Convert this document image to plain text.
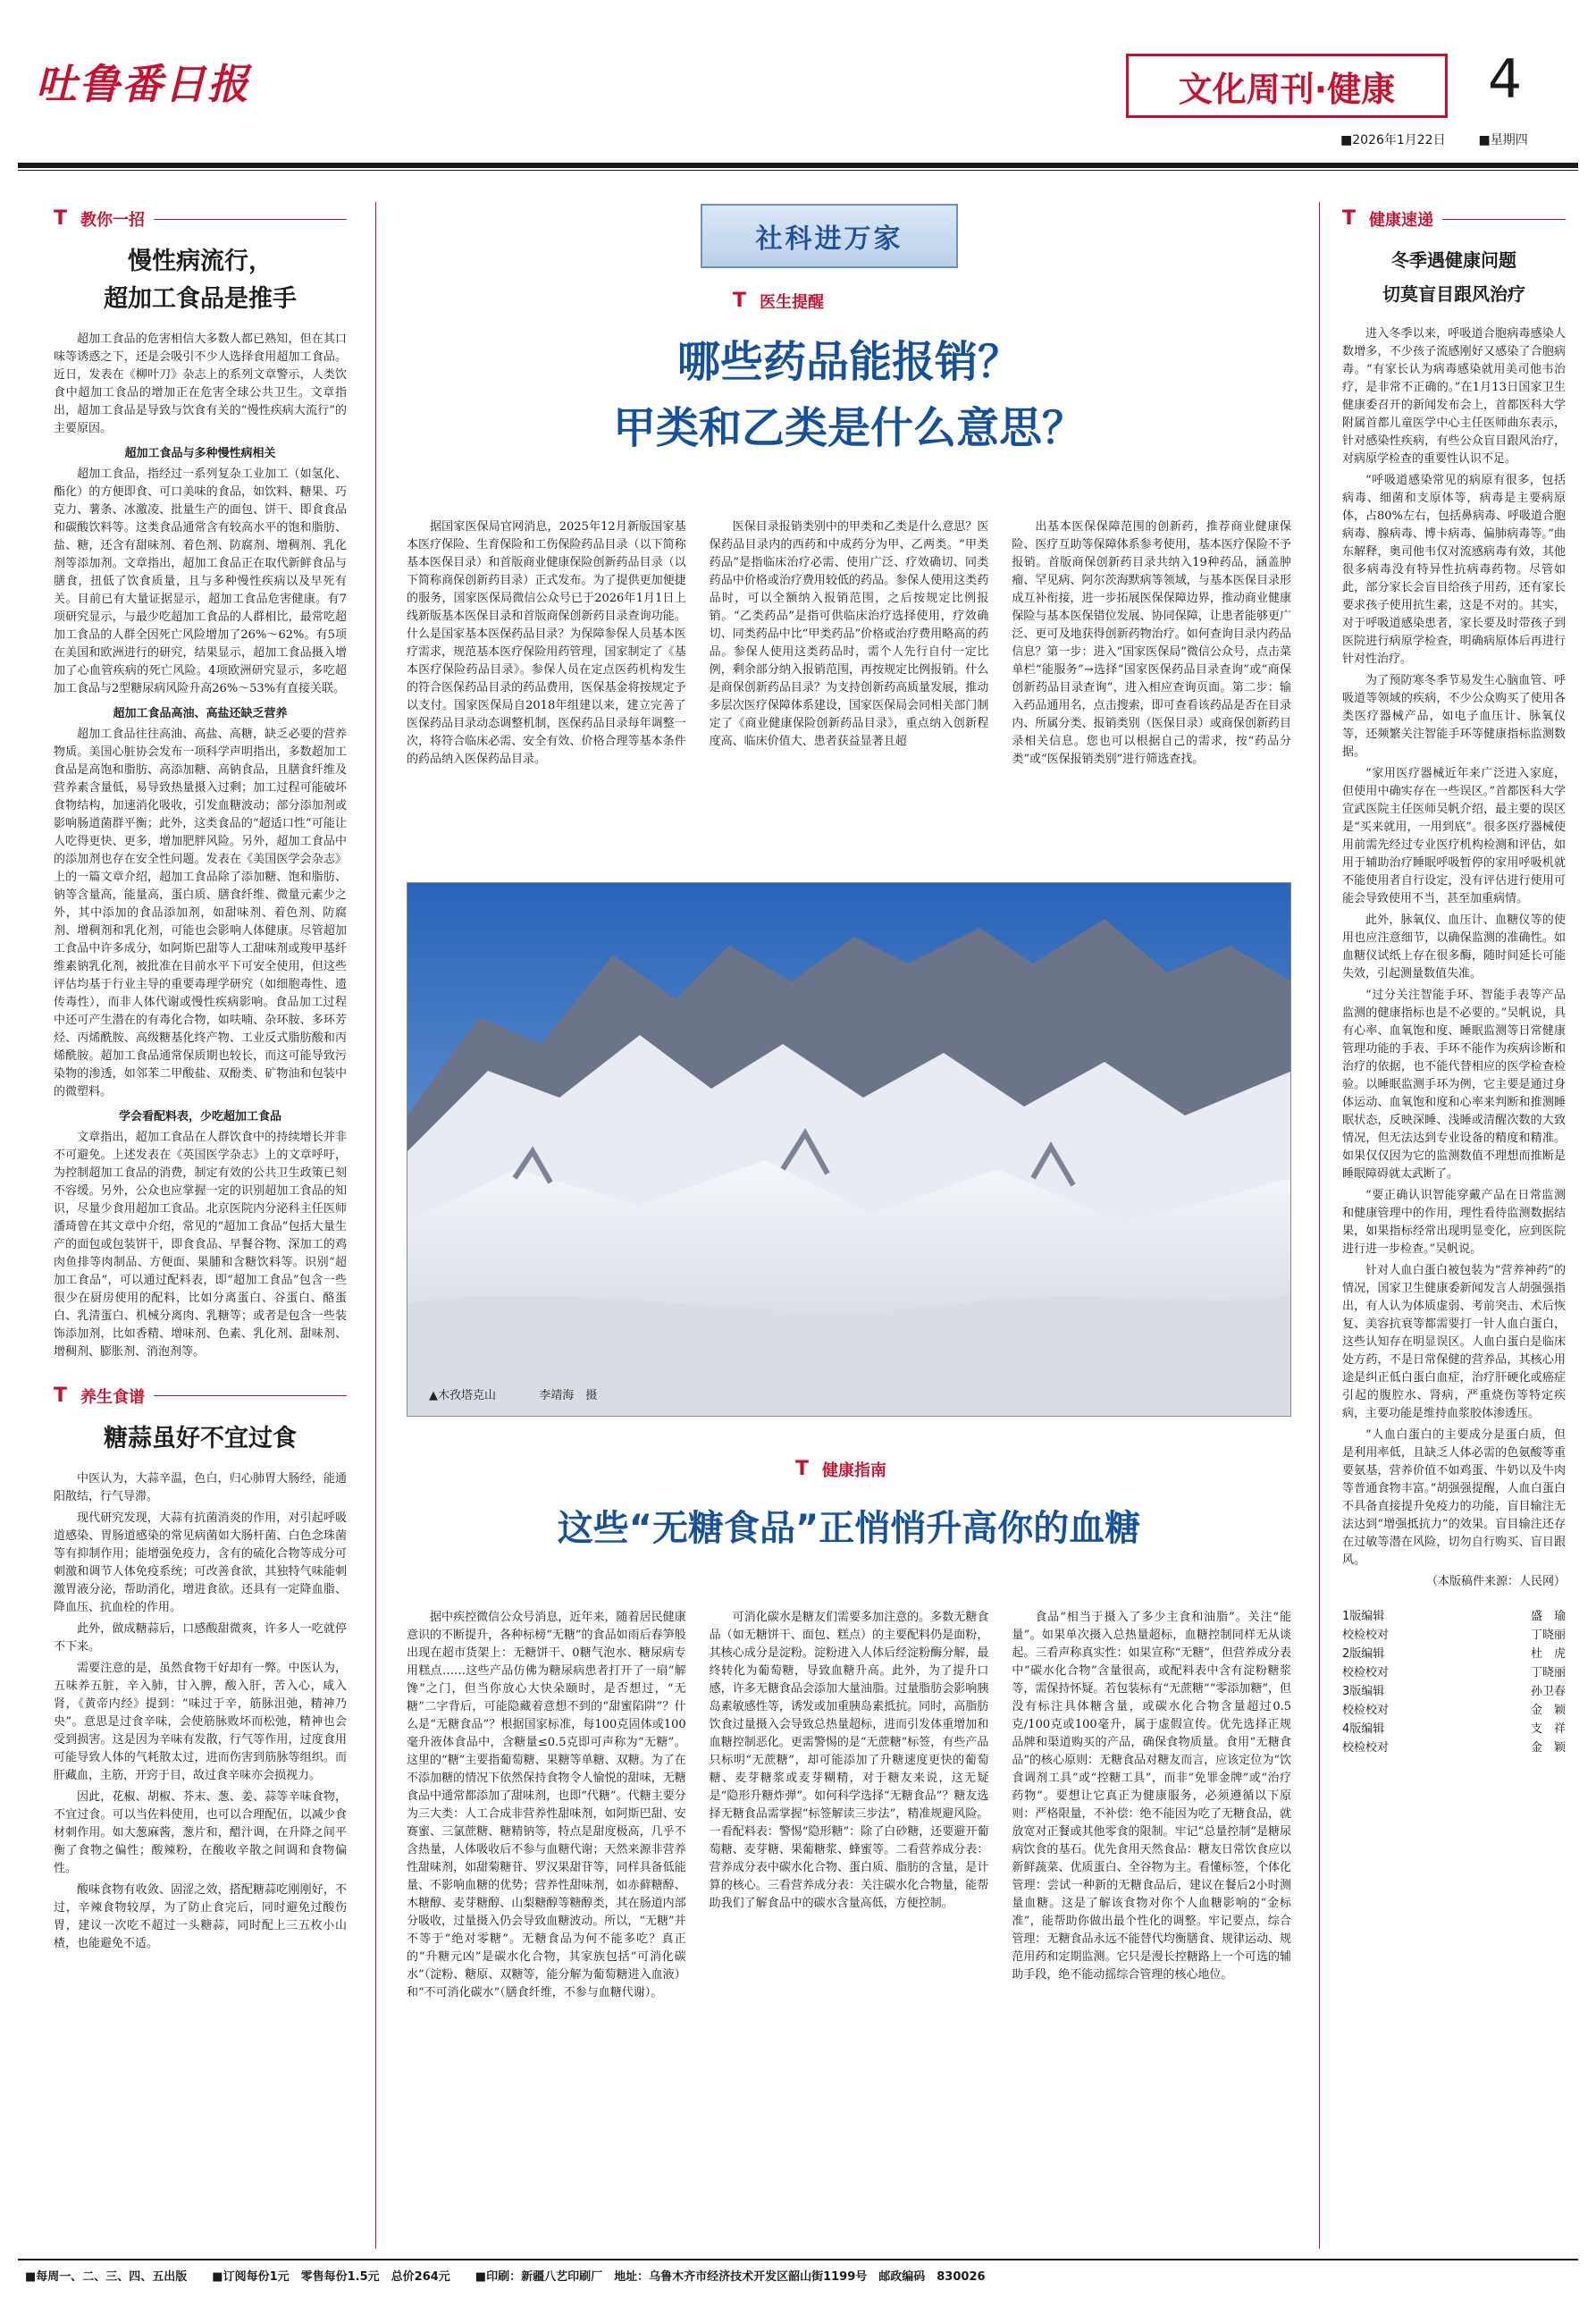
吐鲁番日报	文化周刊·健康 4
■2026年1月22日	■星期四
T 教你一招
慢性病流行，
超加工食品是推手

超加工食品的危害相信大多数人都已熟知，但在其口味等诱惑之下，还是会吸引不少人选择食用超加工食品。近日，发表在《柳叶刀》杂志上的系列文章警示，人类饮食中超加工食品的增加正在危害全球公共卫生。文章指出，超加工食品是导致与饮食有关的“慢性疾病大流行”的主要原因。

超加工食品与多种慢性病相关

超加工食品，指经过一系列复杂工业加工（如氢化、酯化）的方便即食、可口美味的食品，如饮料、糖果、巧克力、薯条、冰激凌、批量生产的面包、饼干、即食食品和碳酸饮料等。这类食品通常含有较高水平的饱和脂肪、盐、糖，还含有甜味剂、着色剂、防腐剂、增稠剂、乳化剂等添加剂。文章指出，超加工食品正在取代新鲜食品与膳食，扭低了饮食质量，且与多种慢性疾病以及早死有关。目前已有大量证据显示，超加工食品危害健康。有7项研究显示，与最少吃超加工食品的人群相比，最常吃超加工食品的人群全因死亡风险增加了26%～62%。有5项在美国和欧洲进行的研究，结果显示，超加工食品摄入增加了心血管疾病的死亡风险。4项欧洲研究显示，多吃超加工食品与2型糖尿病风险升高26%～53%有直接关联。

超加工食品高油、高盐还缺乏营养

超加工食品往往高油、高盐、高糖，缺乏必要的营养物质。美国心脏协会发布一项科学声明指出，多数超加工食品是高饱和脂肪、高添加糖、高钠食品，且膳食纤维及营养素含量低，易导致热量摄入过剩；加工过程可能破坏食物结构，加速消化吸收，引发血糖波动；部分添加剂或影响肠道菌群平衡；此外，这类食品的“超适口性”可能让人吃得更快、更多，增加肥胖风险。另外，超加工食品中的添加剂也存在安全性问题。发表在《美国医学会杂志》上的一篇文章介绍，超加工食品除了添加糖、饱和脂肪、钠等含量高，能量高，蛋白质、膳食纤维、微量元素少之外，其中添加的食品添加剂，如甜味剂、着色剂、防腐剂、增稠剂和乳化剂，可能也会影响人体健康。尽管超加工食品中许多成分，如阿斯巴甜等人工甜味剂或羧甲基纤维素钠乳化剂，被批准在目前水平下可安全使用，但这些评估均基于行业主导的重要毒理学研究（如细胞毒性、遗传毒性），而非人体代谢或慢性疾病影响。食品加工过程中还可产生潜在的有毒化合物，如呋喃、杂环胺、多环芳烃、丙烯酰胺、高级糖基化终产物、工业反式脂肪酸和丙烯酰胺。超加工食品通常保质期也较长，而这可能导致污染物的渗透，如邻苯二甲酸盐、双酚类、矿物油和包装中的微塑料。

学会看配料表，少吃超加工食品

文章指出，超加工食品在人群饮食中的持续增长并非不可避免。上述发表在《英国医学杂志》上的文章呼吁，为控制超加工食品的消费，制定有效的公共卫生政策已刻不容缓。另外，公众也应掌握一定的识别超加工食品的知识，尽量少食用超加工食品。北京医院内分泌科主任医师潘琦曾在其文章中介绍，常见的“超加工食品”包括大量生产的面包或包装饼干，即食食品、早餐谷物、深加工的鸡肉鱼排等肉制品、方便面、果脯和含糖饮料等。识别“超加工食品”，可以通过配料表，即“超加工食品”包含一些很少在厨房使用的配料，比如分离蛋白、谷蛋白、酪蛋白、乳清蛋白、机械分离肉、乳糖等；或者是包含一些装饰添加剂，比如香精、增味剂、色素、乳化剂、甜味剂、增稠剂、膨胀剂、消泡剂等。

T 养生食谱
糖蒜虽好不宜过食

中医认为，大蒜辛温，色白，归心肺胃大肠经，能通阳散结，行气导滞。

现代研究发现，大蒜有抗菌消炎的作用，对引起呼吸道感染、胃肠道感染的常见病菌如大肠杆菌、白色念珠菌等有抑制作用；能增强免疫力，含有的硫化合物等成分可刺激和调节人体免疫系统；可改善食欲，其独特气味能刺激胃液分泌，帮助消化，增进食欲。还具有一定降血脂、降血压、抗血栓的作用。

此外，做成糖蒜后，口感酸甜微爽，许多人一吃就停不下来。

需要注意的是，虽然食物干好却有一弊。中医认为，五味养五脏，辛入肺，甘入脾，酸入肝，苦入心，咸入肾，《黄帝内经》提到：“味过于辛，筋脉沮弛，精神乃央”。意思是过食辛味，会使筋脉败坏而松弛，精神也会受到损害。这是因为辛味有发散，行气等作用，过度食用可能导致人体的气耗散太过，进而伤害到筋脉等组织。而肝藏血，主筋，开窍于目，故过食辛味亦会损视力。

因此，花椒、胡椒、芥末、葱、姜、蒜等辛味食物，不宜过食。可以当佐料使用，也可以合理配伍，以减少食材刺作用。如大葱麻酱，葱片和，醋汁调，在升降之间平衡了食物之偏性；酸辣粉，在酸收辛散之间调和食物偏性。

酸味食物有收敛、固涩之效，搭配糖蒜吃刚刚好，不过，辛辣食物较厚，为了防止食完后，同时避免过酸伤胃，建议一次吃不超过一头糖蒜，同时配上三五枚小山楂，也能避免不适。

社科进万家
T 医生提醒
哪些药品能报销？
甲类和乙类是什么意思？

据国家医保局官网消息，2025年12月新版国家基本医疗保险、生育保险和工伤保险药品目录（以下简称基本医保目录）和首版商业健康保险创新药品目录（以下简称商保创新药目录）正式发布。为了提供更加便捷的服务，国家医保局微信公众号已于2026年1月1日上线新版基本医保目录和首版商保创新药目录查询功能。什么是国家基本医保药品目录？为保障参保人员基本医疗需求，规范基本医疗保险用药管理，国家制定了《基本医疗保险药品目录》。参保人员在定点医药机构发生的符合医保药品目录的药品费用，医保基金将按规定予以支付。国家医保局自2018年组建以来，建立完善了医保药品目录动态调整机制，医保药品目录每年调整一次，将符合临床必需、安全有效、价格合理等基本条件的药品纳入医保药品目录。

医保目录报销类别中的甲类和乙类是什么意思？医保药品目录内的西药和中成药分为甲、乙两类。“甲类药品”是指临床治疗必需、使用广泛、疗效确切、同类药品中价格或治疗费用较低的药品。参保人使用这类药品时，可以全额纳入报销范围，之后按规定比例报销。“乙类药品”是指可供临床治疗选择使用，疗效确切、同类药品中比“甲类药品”价格或治疗费用略高的药品。参保人使用这类药品时，需个人先行自付一定比例，剩余部分纳入报销范围，再按规定比例报销。什么是商保创新药品目录？为支持创新药高质量发展，推动多层次医疗保障体系建设，国家医保局会同相关部门制定了《商业健康保险创新药品目录》，重点纳入创新程度高、临床价值大、患者获益显著且超

出基本医保保障范围的创新药，推荐商业健康保险、医疗互助等保障体系参考使用，基本医疗保险不予报销。首版商保创新药目录共纳入19种药品，涵盖肿瘤、罕见病、阿尔茨海默病等领域，与基本医保目录形成互补衔接，进一步拓展医保保障边界，推动商业健康保险与基本医保错位发展、协同保障，让患者能够更广泛、更可及地获得创新药物治疗。如何查询目录内药品信息？第一步：进入“国家医保局”微信公众号，点击菜单栏“能服务”→选择“国家医保药品目录查询”或“商保创新药品目录查询”，进入相应查询页面。第二步：输入药品通用名，点击搜索，即可查看该药品是否在目录内、所属分类、报销类别（医保目录）或商保创新药目录相关信息。您也可以根据自己的需求，按“药品分类”或“医保报销类别”进行筛选查找。

▲木孜塔克山	李靖海　摄
T 健康指南
这些“无糖食品”正悄悄升高你的血糖

据中疾控微信公众号消息，近年来，随着居民健康意识的不断提升，各种标榜“无糖”的食品如雨后春笋般出现在超市货架上：无糖饼干、0糖气泡水、糖尿病专用糕点……这些产品仿佛为糖尿病患者打开了一扇“解馋”之门，但当你放心大快朵颐时，是否想过，“无糖”二字背后，可能隐藏着意想不到的“甜蜜陷阱”？什么是“无糖食品”？根据国家标准，每100克固体或100毫升液体食品中，含糖量≤0.5克即可声称为“无糖”。这里的“糖”主要指葡萄糖、果糖等单糖、双糖。为了在不添加糖的情况下依然保持食物令人愉悦的甜味，无糖食品中通常都添加了甜味剂，也即“代糖”。代糖主要分为三大类：人工合成非营养性甜味剂，如阿斯巴甜、安赛蜜、三氯蔗糖、糖精钠等，特点是甜度极高，几乎不含热量，人体吸收后不参与血糖代谢；天然来源非营养性甜味剂，如甜菊糖苷、罗汉果甜苷等，同样具备低能量、不影响血糖的优势；营养性甜味剂，如赤藓糖醇、木糖醇、麦芽糖醇、山梨糖醇等糖醇类，其在肠道内部分吸收，过量摄入仍会导致血糖波动。所以，“无糖”并不等于“绝对零糖”。无糖食品为何不能多吃？真正的“升糖元凶”是碳水化合物，其家族包括“可消化碳水”（淀粉、糖原、双糖等，能分解为葡萄糖进入血液）和“不可消化碳水”（膳食纤维，不参与血糖代谢）。

可消化碳水是糖友们需要多加注意的。多数无糖食品（如无糖饼干、面包、糕点）的主要配料仍是面粉，其核心成分是淀粉。淀粉进入人体后经淀粉酶分解，最终转化为葡萄糖，导致血糖升高。此外，为了提升口感，许多无糖食品会添加大量油脂。过量脂肪会影响胰岛素敏感性等，诱发或加重胰岛素抵抗。同时，高脂肪饮食过量摄入会导致总热量超标，进而引发体重增加和血糖控制恶化。更需警惕的是“无蔗糖”标签，有些产品只标明“无蔗糖”，却可能添加了升糖速度更快的葡萄糖、麦芽糖浆或麦芽糊精，对于糖友来说，这无疑是“隐形升糖炸弹”。如何科学选择“无糖食品”？糖友选择无糖食品需掌握“标签解读三步法”，精准规避风险。一看配料表：警惕“隐形糖”：除了白砂糖，还要避开葡萄糖、麦芽糖、果葡糖浆、蜂蜜等。二看营养成分表：营养成分表中碳水化合物、蛋白质、脂肪的含量，是计算的核心。三看营养成分表：关注碳水化合物量，能帮助我们了解食品中的碳水含量高低，方便控制。

食品“相当于摄入了多少主食和油脂”。关注“能量”。如果单次摄入总热量超标，血糖控制同样无从谈起。三看声称真实性：如果宣称“无糖”，但营养成分表中“碳水化合物”含量很高，或配料表中含有淀粉糖浆等，需保持怀疑。若包装标有“无蔗糖”“零添加糖”，但没有标注具体糖含量，或碳水化合物含量超过0.5克/100克或100毫升，属于虚假宣传。优先选择正规品牌和渠道购买的产品，确保食物质量。食用“无糖食品”的核心原则：无糖食品对糖友而言，应该定位为“饮食调剂工具”或“控糖工具”，而非“免罪金牌”或“治疗药物”。要想让它真正为健康服务，必须遵循以下原则：严格限量，不补偿：绝不能因为吃了无糖食品，就放宽对正餐或其他零食的限制。牢记“总量控制”是糖尿病饮食的基石。优先食用天然食品：糖友日常饮食应以新鲜蔬菜、优质蛋白、全谷物为主。看懂标签，个体化管理：尝试一种新的无糖食品后，建议在餐后2小时测量血糖。这是了解该食物对你个人血糖影响的“金标准”，能帮助你做出最个性化的调整。牢记要点，综合管理：无糖食品永远不能替代均衡膳食、规律运动、规范用药和定期监测。它只是漫长控糖路上一个可选的辅助手段，绝不能动摇综合管理的核心地位。

T 健康速递
冬季遇健康问题
切莫盲目跟风治疗

进入冬季以来，呼吸道合胞病毒感染人数增多，不少孩子流感刚好又感染了合胞病毒。“有家长认为病毒感染就用美司他韦治疗，是非常不正确的。”在1月13日国家卫生健康委召开的新闻发布会上，首都医科大学附属首都儿童医学中心主任医师曲东表示，针对感染性疾病，有些公众盲目跟风治疗，对病原学检查的重要性认识不足。

“呼吸道感染常见的病原有很多，包括病毒、细菌和支原体等，病毒是主要病原体，占80%左右，包括鼻病毒、呼吸道合胞病毒、腺病毒、博卡病毒、偏肺病毒等。”曲东解释，奥司他韦仅对流感病毒有效，其他很多病毒没有特异性抗病毒药物。尽管如此，部分家长会盲目给孩子用药，还有家长要求孩子使用抗生素，这是不对的。其实，对于呼吸道感染患者，家长要及时带孩子到医院进行病原学检查，明确病原体后再进行针对性治疗。

为了预防寒冬季节易发生心脑血管、呼吸道等领域的疾病，不少公众购买了使用各类医疗器械产品，如电子血压计、脉氧仪等，还频繁关注智能手环等健康指标监测数据。

“家用医疗器械近年来广泛进入家庭，但使用中确实存在一些误区。”首都医科大学宣武医院主任医师吴帆介绍，最主要的误区是“买来就用，一用到底”。很多医疗器械使用前需先经过专业医疗机构检测和评估，如用于辅助治疗睡眠呼吸暂停的家用呼吸机就不能使用者自行设定，没有评估进行使用可能会导致使用不当，甚至加重病情。

此外，脉氧仪、血压计、血糖仪等的使用也应注意细节，以确保监测的准确性。如血糖仪试纸上存在很多酶，随时间延长可能失效，引起测量数值失准。

“过分关注智能手环、智能手表等产品监测的健康指标也是不必要的。”吴帆说，具有心率、血氧饱和度、睡眠监测等日常健康管理功能的手表、手环不能作为疾病诊断和治疗的依据，也不能代替相应的医学检查检验。以睡眠监测手环为例，它主要是通过身体运动、血氧饱和度和心率来判断和推测睡眠状态，反映深睡、浅睡或清醒次数的大致情况，但无法达到专业设备的精度和精准。如果仅仅因为它的监测数值不理想而推断是睡眠障碍就太武断了。

“要正确认识智能穿戴产品在日常监测和健康管理中的作用，理性看待监测数据结果，如果指标经常出现明显变化，应到医院进行进一步检查。”吴帆说。

针对人血白蛋白被包装为“营养神药”的情况，国家卫生健康委新闻发言人胡强强指出，有人认为体质虚弱、考前突击、术后恢复、美容抗衰等都需要打一针人血白蛋白，这些认知存在明显误区。人血白蛋白是临床处方药，不是日常保健的营养品，其核心用途是纠正低白蛋白血症，治疗肝硬化或癌症引起的腹腔水、肾病，严重烧伤等特定疾病，主要功能是维持血浆胶体渗透压。

“人血白蛋白的主要成分是蛋白质，但是利用率低，且缺乏人体必需的色氨酸等重要氨基，营养价值不如鸡蛋、牛奶以及牛肉等普通食物丰富。”胡强强提醒，人血白蛋白不具备直接提升免疫力的功能，盲目输注无法达到“增强抵抗力”的效果。盲目输注还存在过敏等潜在风险，切勿自行购买、盲目跟风。

（本版稿件来源：人民网）

1版编辑	盛　瑜
校检校对	丁晓丽
2版编辑	杜　虎
校检校对	丁晓丽
3版编辑	孙卫春
校检校对	金　颖
4版编辑	支　祥
校检校对	金　颖
■每周一、二、三、四、五出版 ■订阅每份1元　零售每份1.5元　总价264元 ■印刷：新疆八艺印刷厂　地址：乌鲁木齐市经济技术开发区韶山街1199号　邮政编码　830026
